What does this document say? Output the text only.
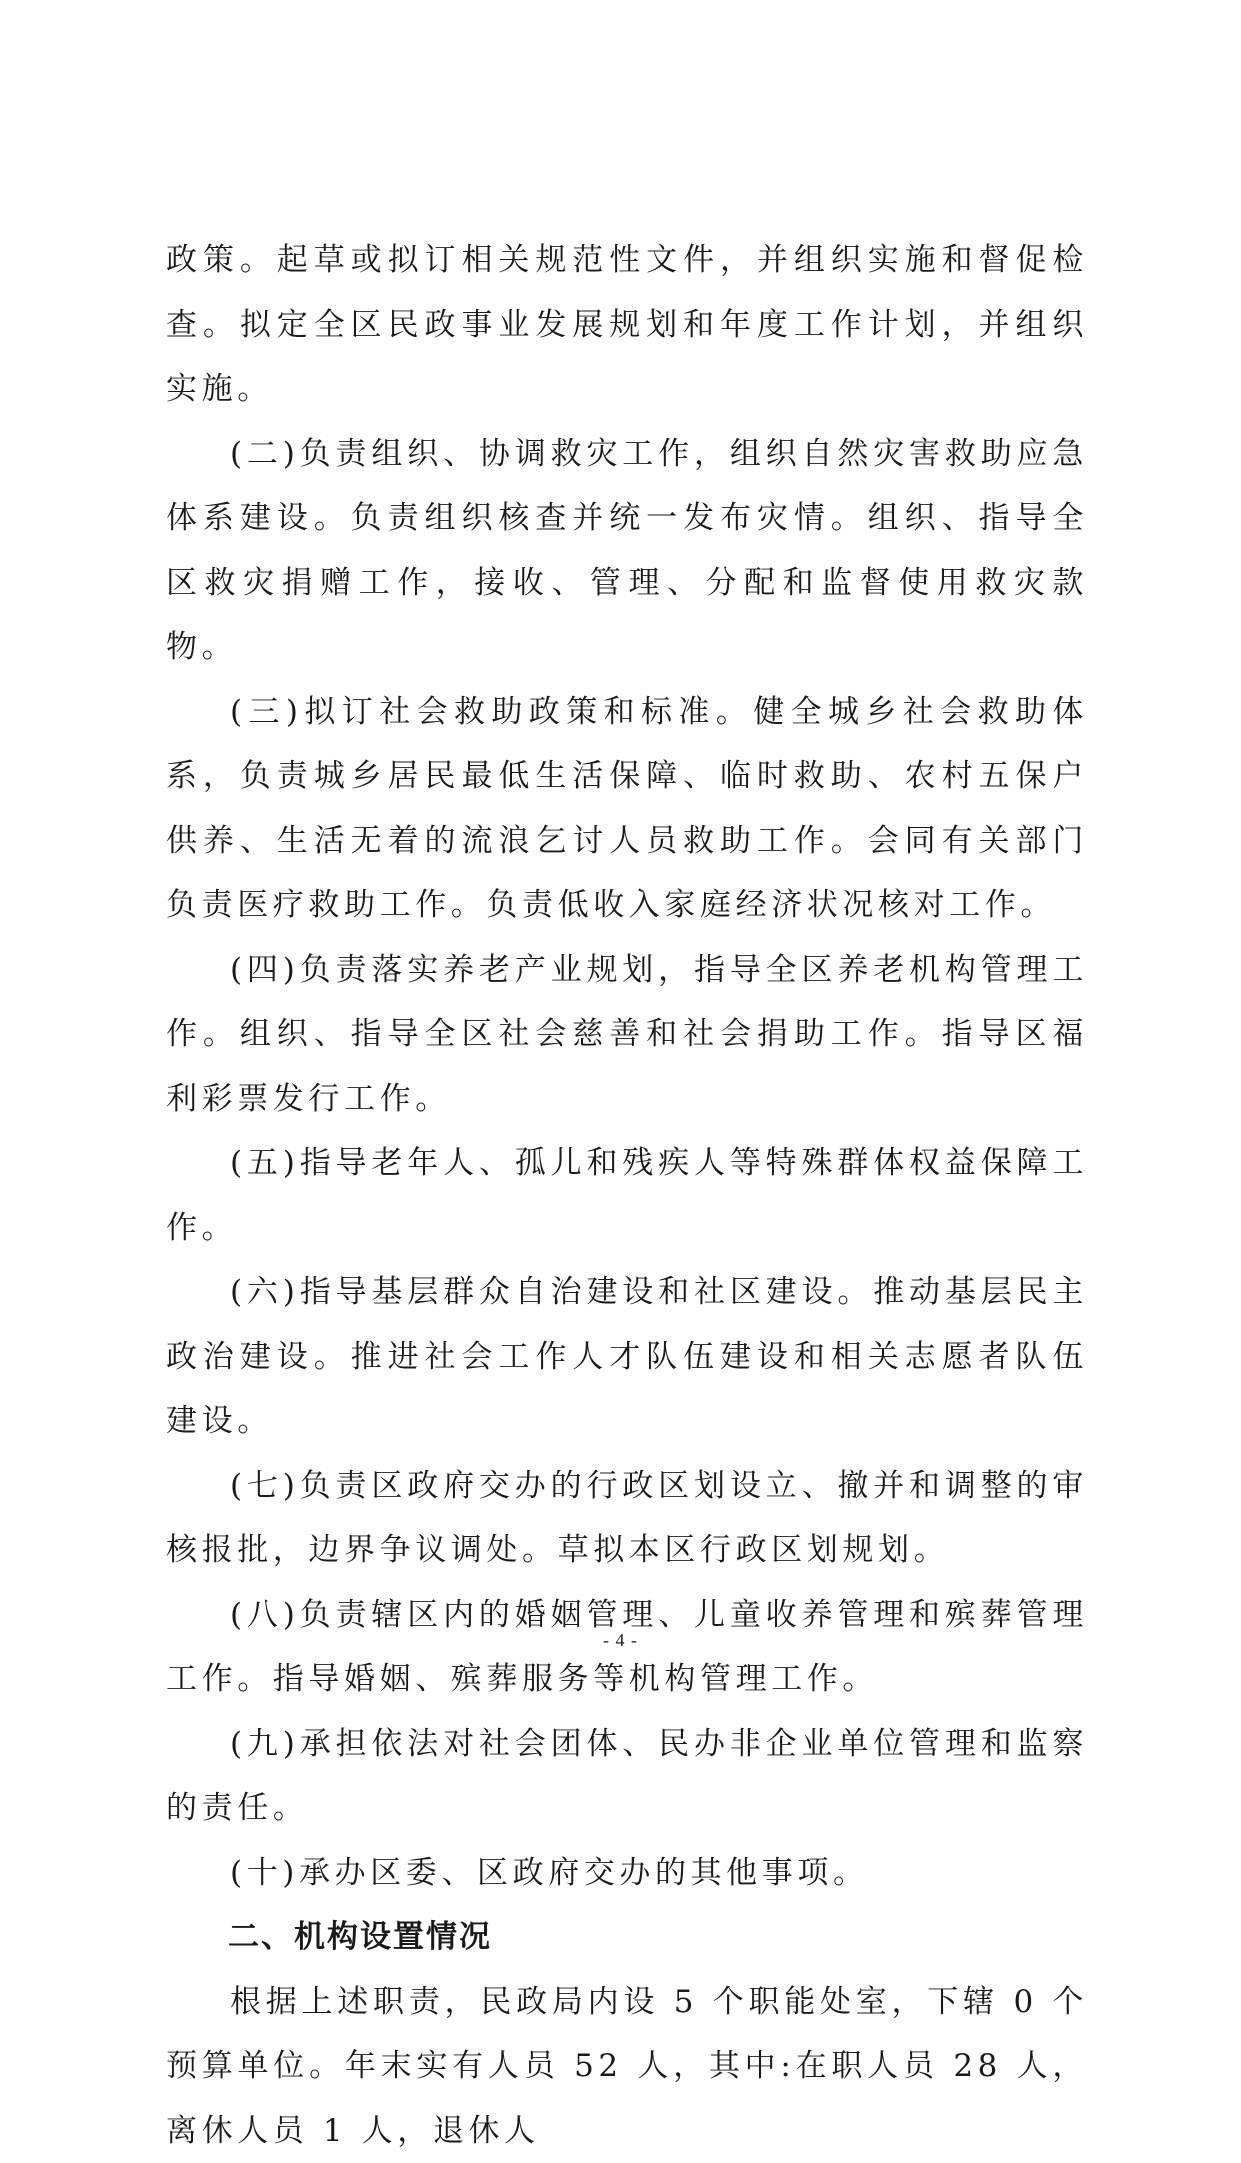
政策。起草或拟订相关规范性文件，并组织实施和督促检查。拟定全区民政事业发展规划和年度工作计划，并组织实施。

(二)负责组织、协调救灾工作，组织自然灾害救助应急体系建设。负责组织核查并统一发布灾情。组织、指导全区救灾捐赠工作，接收、管理、分配和监督使用救灾款物。

(三)拟订社会救助政策和标准。健全城乡社会救助体系，负责城乡居民最低生活保障、临时救助、农村五保户供养、生活无着的流浪乞讨人员救助工作。会同有关部门负责医疗救助工作。负责低收入家庭经济状况核对工作。

(四)负责落实养老产业规划，指导全区养老机构管理工作。组织、指导全区社会慈善和社会捐助工作。指导区福利彩票发行工作。

(五)指导老年人、孤儿和残疾人等特殊群体权益保障工作。

(六)指导基层群众自治建设和社区建设。推动基层民主政治建设。推进社会工作人才队伍建设和相关志愿者队伍建设。

(七)负责区政府交办的行政区划设立、撤并和调整的审核报批，边界争议调处。草拟本区行政区划规划。

(八)负责辖区内的婚姻管理、儿童收养管理和殡葬管理工作。指导婚姻、殡葬服务等机构管理工作。

(九)承担依法对社会团体、民办非企业单位管理和监察的责任。

(十)承办区委、区政府交办的其他事项。

二、机构设置情况

根据上述职责，民政局内设 5 个职能处室，下辖 0 个预算单位。年末实有人员 52 人，其中:在职人员 28 人，离休人员 1 人，退休人

- 4 -
